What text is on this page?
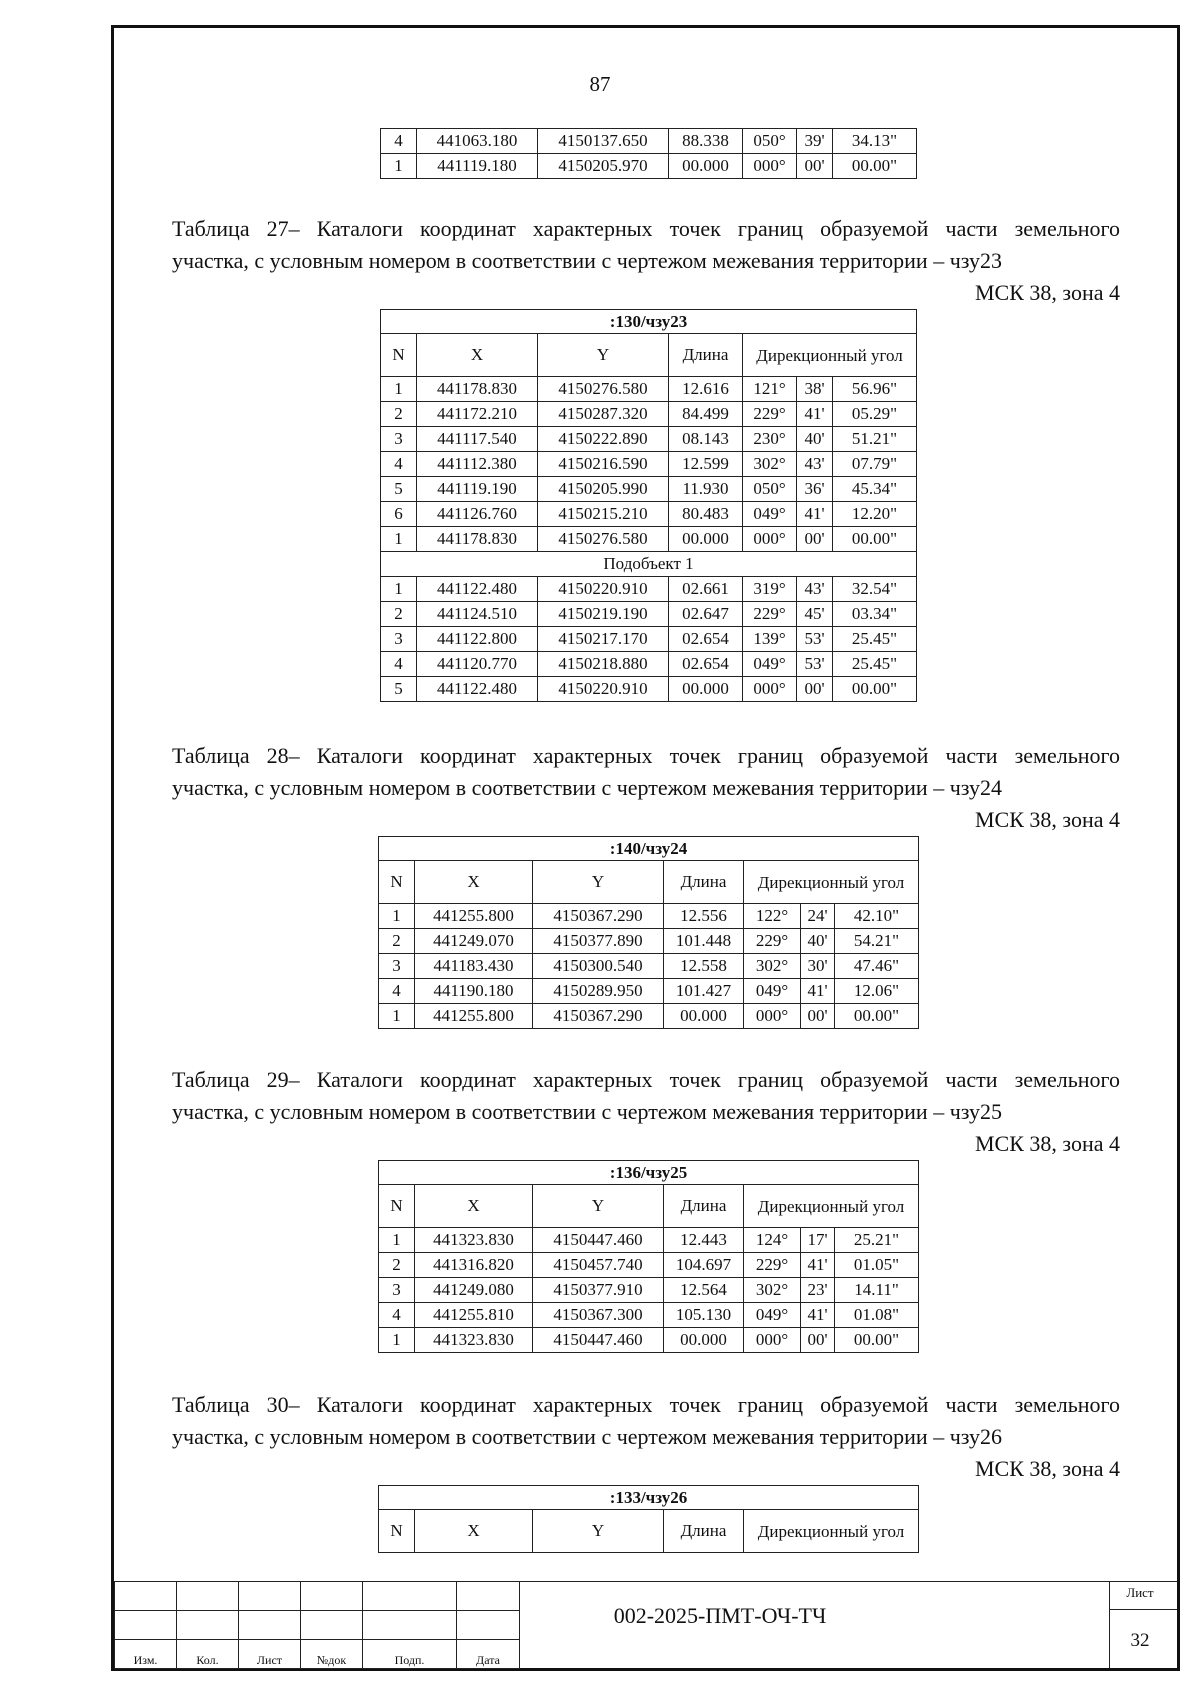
87
4	441063.180	4150137.650	88.338	050°	39'	34.13"
1	441119.180	4150205.970	00.000	000°	00'	00.00"
Таблица 27– Каталоги координат характерных точек границ образуемой части земельного
участка, с условным номером в соответствии с чертежом межевания территории – чзу23
МСК 38, зона 4
:130/чзу23						
N	X	Y	Длина	Дирекционный угол		
1	441178.830	4150276.580	12.616	121°	38'	56.96"
2	441172.210	4150287.320	84.499	229°	41'	05.29"
3	441117.540	4150222.890	08.143	230°	40'	51.21"
4	441112.380	4150216.590	12.599	302°	43'	07.79"
5	441119.190	4150205.990	11.930	050°	36'	45.34"
6	441126.760	4150215.210	80.483	049°	41'	12.20"
1	441178.830	4150276.580	00.000	000°	00'	00.00"
Подобъект 1						
1	441122.480	4150220.910	02.661	319°	43'	32.54"
2	441124.510	4150219.190	02.647	229°	45'	03.34"
3	441122.800	4150217.170	02.654	139°	53'	25.45"
4	441120.770	4150218.880	02.654	049°	53'	25.45"
5	441122.480	4150220.910	00.000	000°	00'	00.00"
Таблица 28– Каталоги координат характерных точек границ образуемой части земельного
участка, с условным номером в соответствии с чертежом межевания территории – чзу24
МСК 38, зона 4
:140/чзу24						
N	X	Y	Длина	Дирекционный угол		
1	441255.800	4150367.290	12.556	122°	24'	42.10"
2	441249.070	4150377.890	101.448	229°	40'	54.21"
3	441183.430	4150300.540	12.558	302°	30'	47.46"
4	441190.180	4150289.950	101.427	049°	41'	12.06"
1	441255.800	4150367.290	00.000	000°	00'	00.00"
Таблица 29– Каталоги координат характерных точек границ образуемой части земельного
участка, с условным номером в соответствии с чертежом межевания территории – чзу25
МСК 38, зона 4
:136/чзу25						
N	X	Y	Длина	Дирекционный угол		
1	441323.830	4150447.460	12.443	124°	17'	25.21"
2	441316.820	4150457.740	104.697	229°	41'	01.05"
3	441249.080	4150377.910	12.564	302°	23'	14.11"
4	441255.810	4150367.300	105.130	049°	41'	01.08"
1	441323.830	4150447.460	00.000	000°	00'	00.00"
Таблица 30– Каталоги координат характерных точек границ образуемой части земельного
участка, с условным номером в соответствии с чертежом межевания территории – чзу26
МСК 38, зона 4
:133/чзу26
N	X	Y	Длина	Дирекционный угол

Изм.	Кол.	Лист	№док	Подп.	Дата
002-2025-ПМТ-ОЧ-ТЧ
Лист
32
